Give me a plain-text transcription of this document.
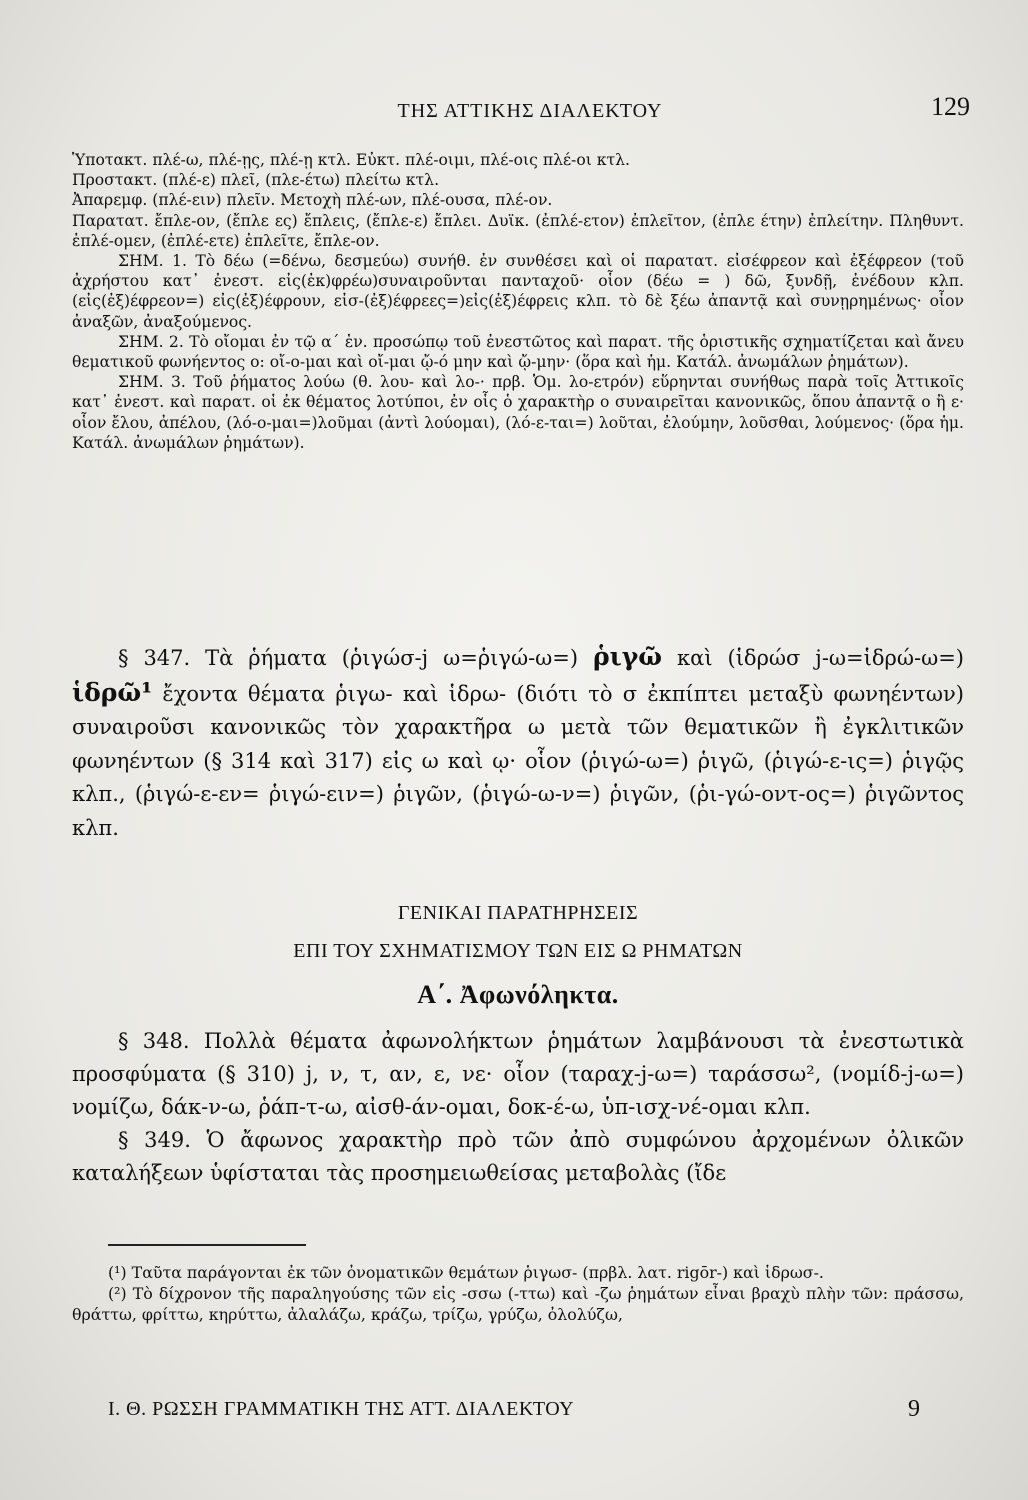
ΤΗΣ ΑΤΤΙΚΗΣ ΔΙΑΛΕΚΤΟΥ	129

Ὑποτακτ. πλέ-ω, πλέ-ῃς, πλέ-ῃ κτλ. Εὐκτ. πλέ-οιμι, πλέ-οις πλέ-οι κτλ.

Προστακτ. (πλέ-ε) πλεῖ, (πλε-έτω) πλείτω κτλ.

Ἀπαρεμφ. (πλέ-ειν) πλεῖν. Μετοχὴ πλέ-ων, πλέ-ουσα, πλέ-ον.

Παρατατ. ἔπλε-ον, (ἔπλε ες) ἔπλεις, (ἔπλε-ε) ἔπλει. Δυϊκ. (ἐπλέ-ετον) ἐπλεῖτον, (ἐπλε έτην) ἐπλείτην. Πληθυντ. ἐπλέ-ομεν, (ἐπλέ-ετε) ἐπλεῖτε, ἔπλε-ον.

ΣΗΜ. 1. Τὸ δέω (=δένω, δεσμεύω) συνήθ. ἐν συνθέσει καὶ οἱ παρατατ. εἰσέφρεον καὶ ἐξέφρεον (τοῦ ἀχρήστου κατ᾿ ἐνεστ. εἰς(ἐκ)φρέω)συναιροῦνται πανταχοῦ· οἷον (δέω = ) δῶ, ξυνδῇ, ἐνέδουν κλπ. (εἰς(ἐξ)έφρεον=) εἰς(ἐξ)έφρουν, εἰσ-(ἐξ)έφρεες=)εἰς(ἐξ)έφρεις κλπ. τὸ δὲ ξέω ἀπαντᾷ καὶ συνῃρημένως· οἷον ἀναξῶν, ἀναξούμενος.

ΣΗΜ. 2. Τὸ οἴομαι ἐν τῷ α΄ ἑν. προσώπῳ τοῦ ἐνεστῶτος καὶ παρατ. τῆς ὁριστικῆς σχηματίζεται καὶ ἄνευ θεματικοῦ φωνήεντος ο: οἴ-ο-μαι καὶ οἴ-μαι ᾤ-ό μην καὶ ᾤ-μην· (ὅρα καὶ ἡμ. Κατάλ. ἀνωμάλων ῥημάτων).

ΣΗΜ. 3. Τοῦ ῥήματος λούω (θ. λου- καὶ λο-· πρβ. Ὁμ. λο-ετρόν) εὕρηνται συνήθως παρὰ τοῖς Ἀττικοῖς κατ᾿ ἐνεστ. καὶ παρατ. οἱ ἐκ θέματος λοτύποι, ἐν οἷς ὁ χαρακτὴρ ο συναιρεῖται κανονικῶς, ὅπου ἀπαντᾷ ο ἢ ε· οἷον ἔλου, ἀπέλου, (λό-ο-μαι=)λοῦμαι (ἀντὶ λούομαι), (λό-ε-ται=) λοῦται, ἐλούμην, λοῦσθαι, λούμενος· (ὅρα ἡμ. Κατάλ. ἀνωμάλων ῥημάτων).

§ 347. Τὰ ῥήματα (ῥιγώσ-j ω=ῥιγώ-ω=) ῥιγῶ καὶ (ἱδρώσ j-ω=ἱδρώ-ω=) ἱδρῶ¹ ἔχοντα θέματα ῥιγω- καὶ ἱδρω- (διότι τὸ σ ἐκπίπτει μεταξὺ φωνηέντων) συναιροῦσι κανονικῶς τὸν χαρακτῆρα ω μετὰ τῶν θεματικῶν ἢ ἐγκλιτικῶν φωνηέντων (§ 314 καὶ 317) εἰς ω καὶ ῳ· οἷον (ῥιγώ-ω=) ῥιγῶ, (ῥιγώ-ε-ις=) ῥιγῷς κλπ., (ῥιγώ-ε-εν= ῥιγώ-ειν=) ῥιγῶν, (ῥιγώ-ω-ν=) ῥιγῶν, (ῥι-γώ-οντ-ος=) ῥιγῶντος κλπ.

ΓΕΝΙΚΑΙ ΠΑΡΑΤΗΡΗΣΕΙΣ
ΕΠΙ ΤΟΥ ΣΧΗΜΑΤΙΣΜΟΥ ΤΩΝ ΕΙΣ Ω ΡΗΜΑΤΩΝ
Α΄. Ἀφωνόληκτα.

§ 348. Πολλὰ θέματα ἀφωνολήκτων ῥημάτων λαμβάνουσι τὰ ἐνεστωτικὰ προσφύματα (§ 310) j, ν, τ, αν, ε, νε· οἷον (ταραχ-j-ω=) ταράσσω², (νομίδ-j-ω=) νομίζω, δάκ-ν-ω, ῥάπ-τ-ω, αἰσθ-άν-ομαι, δοκ-έ-ω, ὑπ-ισχ-νέ-ομαι κλπ.

§ 349. Ὁ ἄφωνος χαρακτὴρ πρὸ τῶν ἀπὸ συμφώνου ἀρχομένων ὀλικῶν καταλήξεων ὑφίσταται τὰς προσημειωθείσας μεταβολὰς (ἴδε

(¹) Ταῦτα παράγονται ἐκ τῶν ὀνοματικῶν θεμάτων ῥιγωσ- (πρβλ. λατ. rigōr-) καὶ ἱδρωσ-.

(²) Τὸ δίχρονον τῆς παραληγούσης τῶν εἰς -σσω (-ττω) καὶ -ζω ῥημάτων εἶναι βραχὺ πλὴν τῶν: πράσσω, θράττω, φρίττω, κηρύττω, ἀλαλάζω, κράζω, τρίζω, γρύζω, ὀλολύζω,

Ι. Θ. ΡΩΣΣΗ ΓΡΑΜΜΑΤΙΚΗ ΤΗΣ ΑΤΤ. ΔΙΑΛΕΚΤΟΥ	9
